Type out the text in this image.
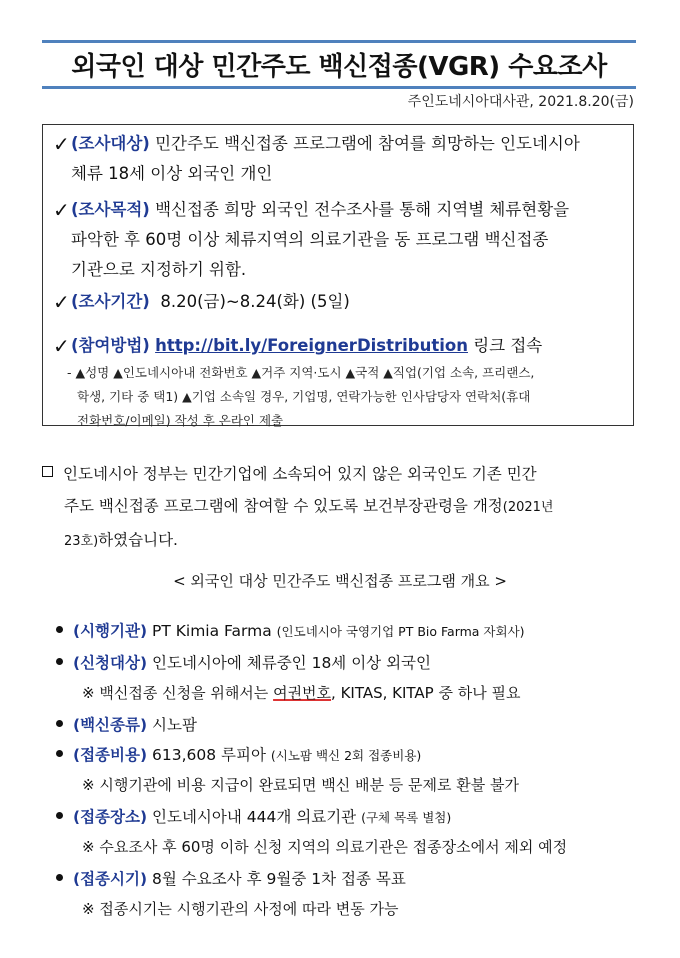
외국인 대상 민간주도 백신접종(VGR) 수요조사
주인도네시아대사관, 2021.8.20(금)
✓ (조사대상) 민간주도 백신접종 프로그램에 참여를 희망하는 인도네시아
체류 18세 이상 외국인 개인
✓ (조사목적) 백신접종 희망 외국인 전수조사를 통해 지역별 체류현황을
파악한 후 60명 이상 체류지역의 의료기관을 동 프로그램 백신접종
기관으로 지정하기 위함.
✓ (조사기간) 8.20(금)~8.24(화) (5일)
✓ (참여방법) http://bit.ly/ForeignerDistribution 링크 접속
- ▲성명 ▲인도네시아내 전화번호 ▲거주 지역·도시 ▲국적 ▲직업(기업 소속, 프리랜스,
학생, 기타 중 택1) ▲기업 소속일 경우, 기업명, 연락가능한 인사담당자 연락처(휴대
전화번호/이메일) 작성 후 온라인 제출
인도네시아 정부는 민간기업에 소속되어 있지 않은 외국인도 기존 민간
주도 백신접종 프로그램에 참여할 수 있도록 보건부장관령을 개정(2021년
23호)하였습니다.
< 외국인 대상 민간주도 백신접종 프로그램 개요 >
(시행기관) PT Kimia Farma (인도네시아 국영기업 PT Bio Farma 자회사)
(신청대상) 인도네시아에 체류중인 18세 이상 외국인
※ 백신접종 신청을 위해서는 여권번호, KITAS, KITAP 중 하나 필요
(백신종류) 시노팜
(접종비용) 613,608 루피아 (시노팜 백신 2회 접종비용)
※ 시행기관에 비용 지급이 완료되면 백신 배분 등 문제로 환불 불가
(접종장소) 인도네시아내 444개 의료기관 (구체 목록 별첨)
※ 수요조사 후 60명 이하 신청 지역의 의료기관은 접종장소에서 제외 예정
(접종시기) 8월 수요조사 후 9월중 1차 접종 목표
※ 접종시기는 시행기관의 사정에 따라 변동 가능
